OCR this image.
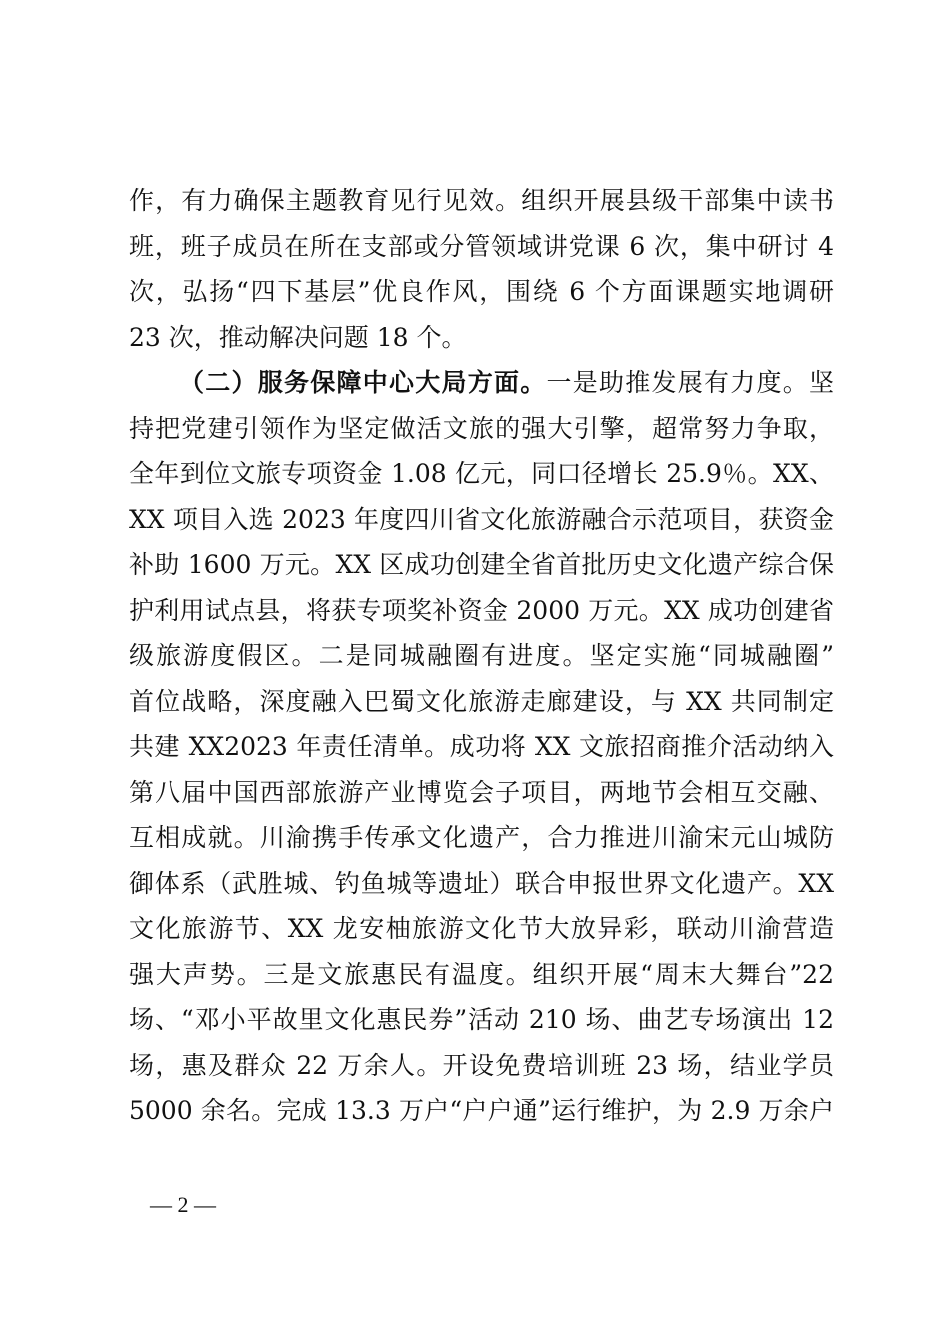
作，有力确保主题教育见行见效。组织开展县级干部集中读书
班，班子成员在所在支部或分管领域讲党课 6 次，集中研讨 4
次，弘扬“四下基层”优良作风，围绕 6 个方面课题实地调研
23 次，推动解决问题 18 个。
（二）服务保障中心大局方面。一是助推发展有力度。坚
持把党建引领作为坚定做活文旅的强大引擎，超常努力争取，
全年到位文旅专项资金 1.08 亿元，同口径增长 25.9％。XX、
XX 项目入选 2023 年度四川省文化旅游融合示范项目，获资金
补助 1600 万元。XX 区成功创建全省首批历史文化遗产综合保
护利用试点县，将获专项奖补资金 2000 万元。XX 成功创建省
级旅游度假区。二是同城融圈有进度。坚定实施“同城融圈”
首位战略，深度融入巴蜀文化旅游走廊建设，与 XX 共同制定
共建 XX2023 年责任清单。成功将 XX 文旅招商推介活动纳入
第八届中国西部旅游产业博览会子项目，两地节会相互交融、
互相成就。川渝携手传承文化遗产，合力推进川渝宋元山城防
御体系（武胜城、钓鱼城等遗址）联合申报世界文化遗产。XX
文化旅游节、XX 龙安柚旅游文化节大放异彩，联动川渝营造
强大声势。三是文旅惠民有温度。组织开展“周末大舞台”22
场、“邓小平故里文化惠民券”活动 210 场、曲艺专场演出 12
场，惠及群众 22 万余人。开设免费培训班 23 场，结业学员
5000 余名。完成 13.3 万户“户户通”运行维护，为 2.9 万余户
— 2 —
